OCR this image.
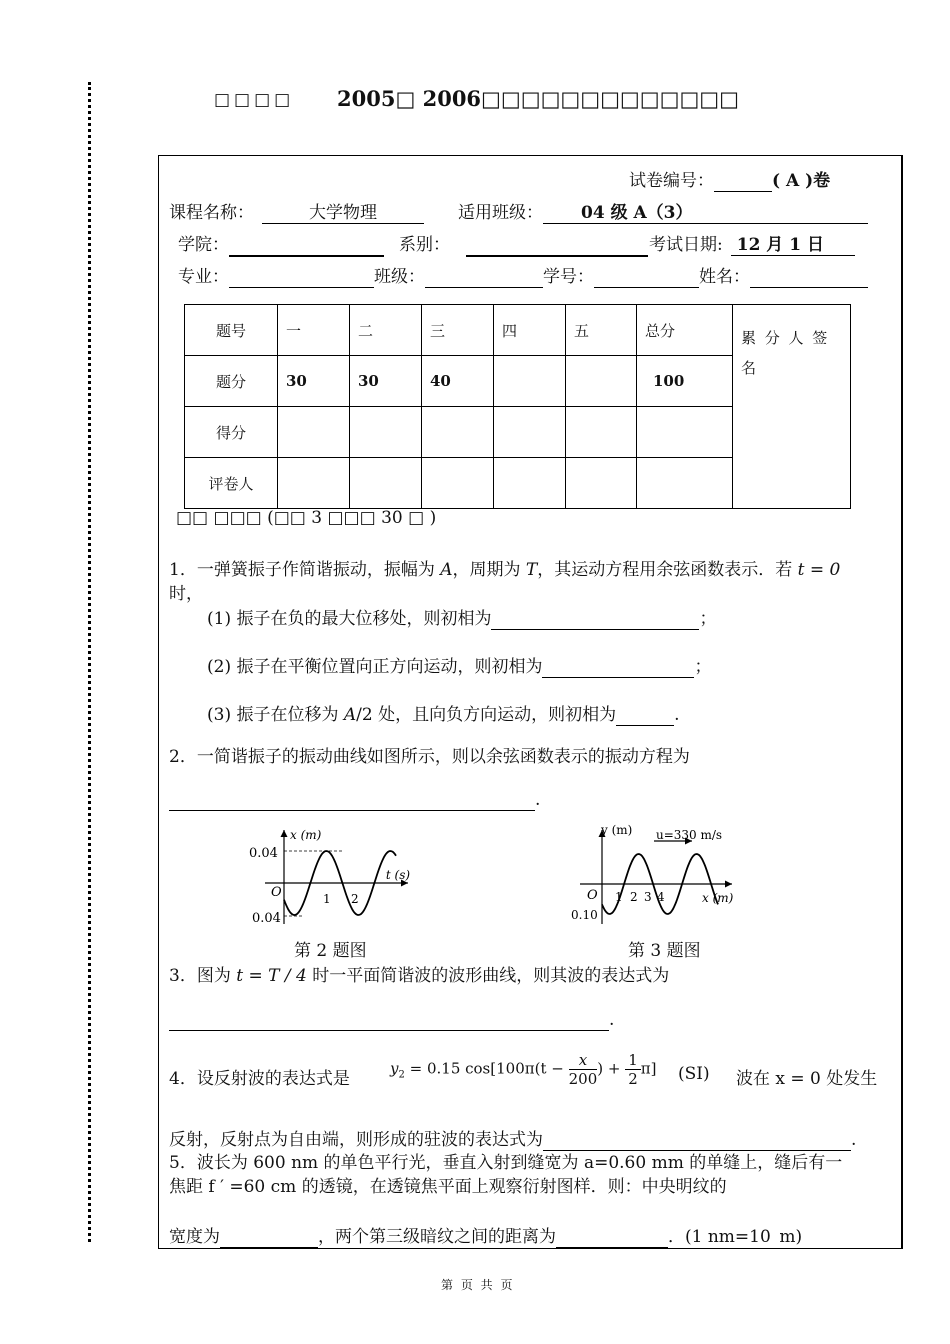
□□□□ 2005□ 2006□□□□□□□□□□□□□
试卷编号：	( A )卷
课程名称：	大学物理	适用班级： 04 级 A（3）
学院：	系别：	考试日期: 12 月 1 日
专业：	班级：	学号：	姓名：
题号	一	二	三	四	五	总分	累 分 人 签 名
题分	30	30	40			100	
得分							
评卷人							
□□ □□□ (□□ 3 □□□ 30 □ )
1．一弹簧振子作简谐振动，振幅为 A，周期为 T，其运动方程用余弦函数表示．若 t = 0
时，
(1) 振子在负的最大位移处，则初相为	；
(2) 振子在平衡位置向正方向运动，则初相为	；
(3) 振子在位移为 A/2 处，且向负方向运动，则初相为	.
2．一简谐振子的振动曲线如图所示，则以余弦函数表示的振动方程为
.
x (m)
0.04
O	1 2
t (s)
0.04
第 2 题图
y (m) u=330 m/s
O 1 2 3 4	x (m)
0.10
第 3 题图
3．图为 t = T / 4 时一平面简谐波的波形曲线，则其波的表达式为
.
4．设反射波的表达式是
$y_2 = 0.15$ $\cos[100\pi(t - \frac{x}{200}$ ) + $\frac{1}{2} \pi$] (SI) 波在 x = 0 处发生
反射，反射点为自由端，则形成的驻波的表达式为	.
5．波长为 600 nm 的单色平行光，垂直入射到缝宽为 a=0.60 mm 的单缝上，缝后有一
焦距 f ′ =60 cm 的透镜，在透镜焦平面上观察衍射图样．则：中央明纹的
宽度为	，两个第三级暗纹之间的距离为	．(1 nm=10  m)
第 页 共 页
